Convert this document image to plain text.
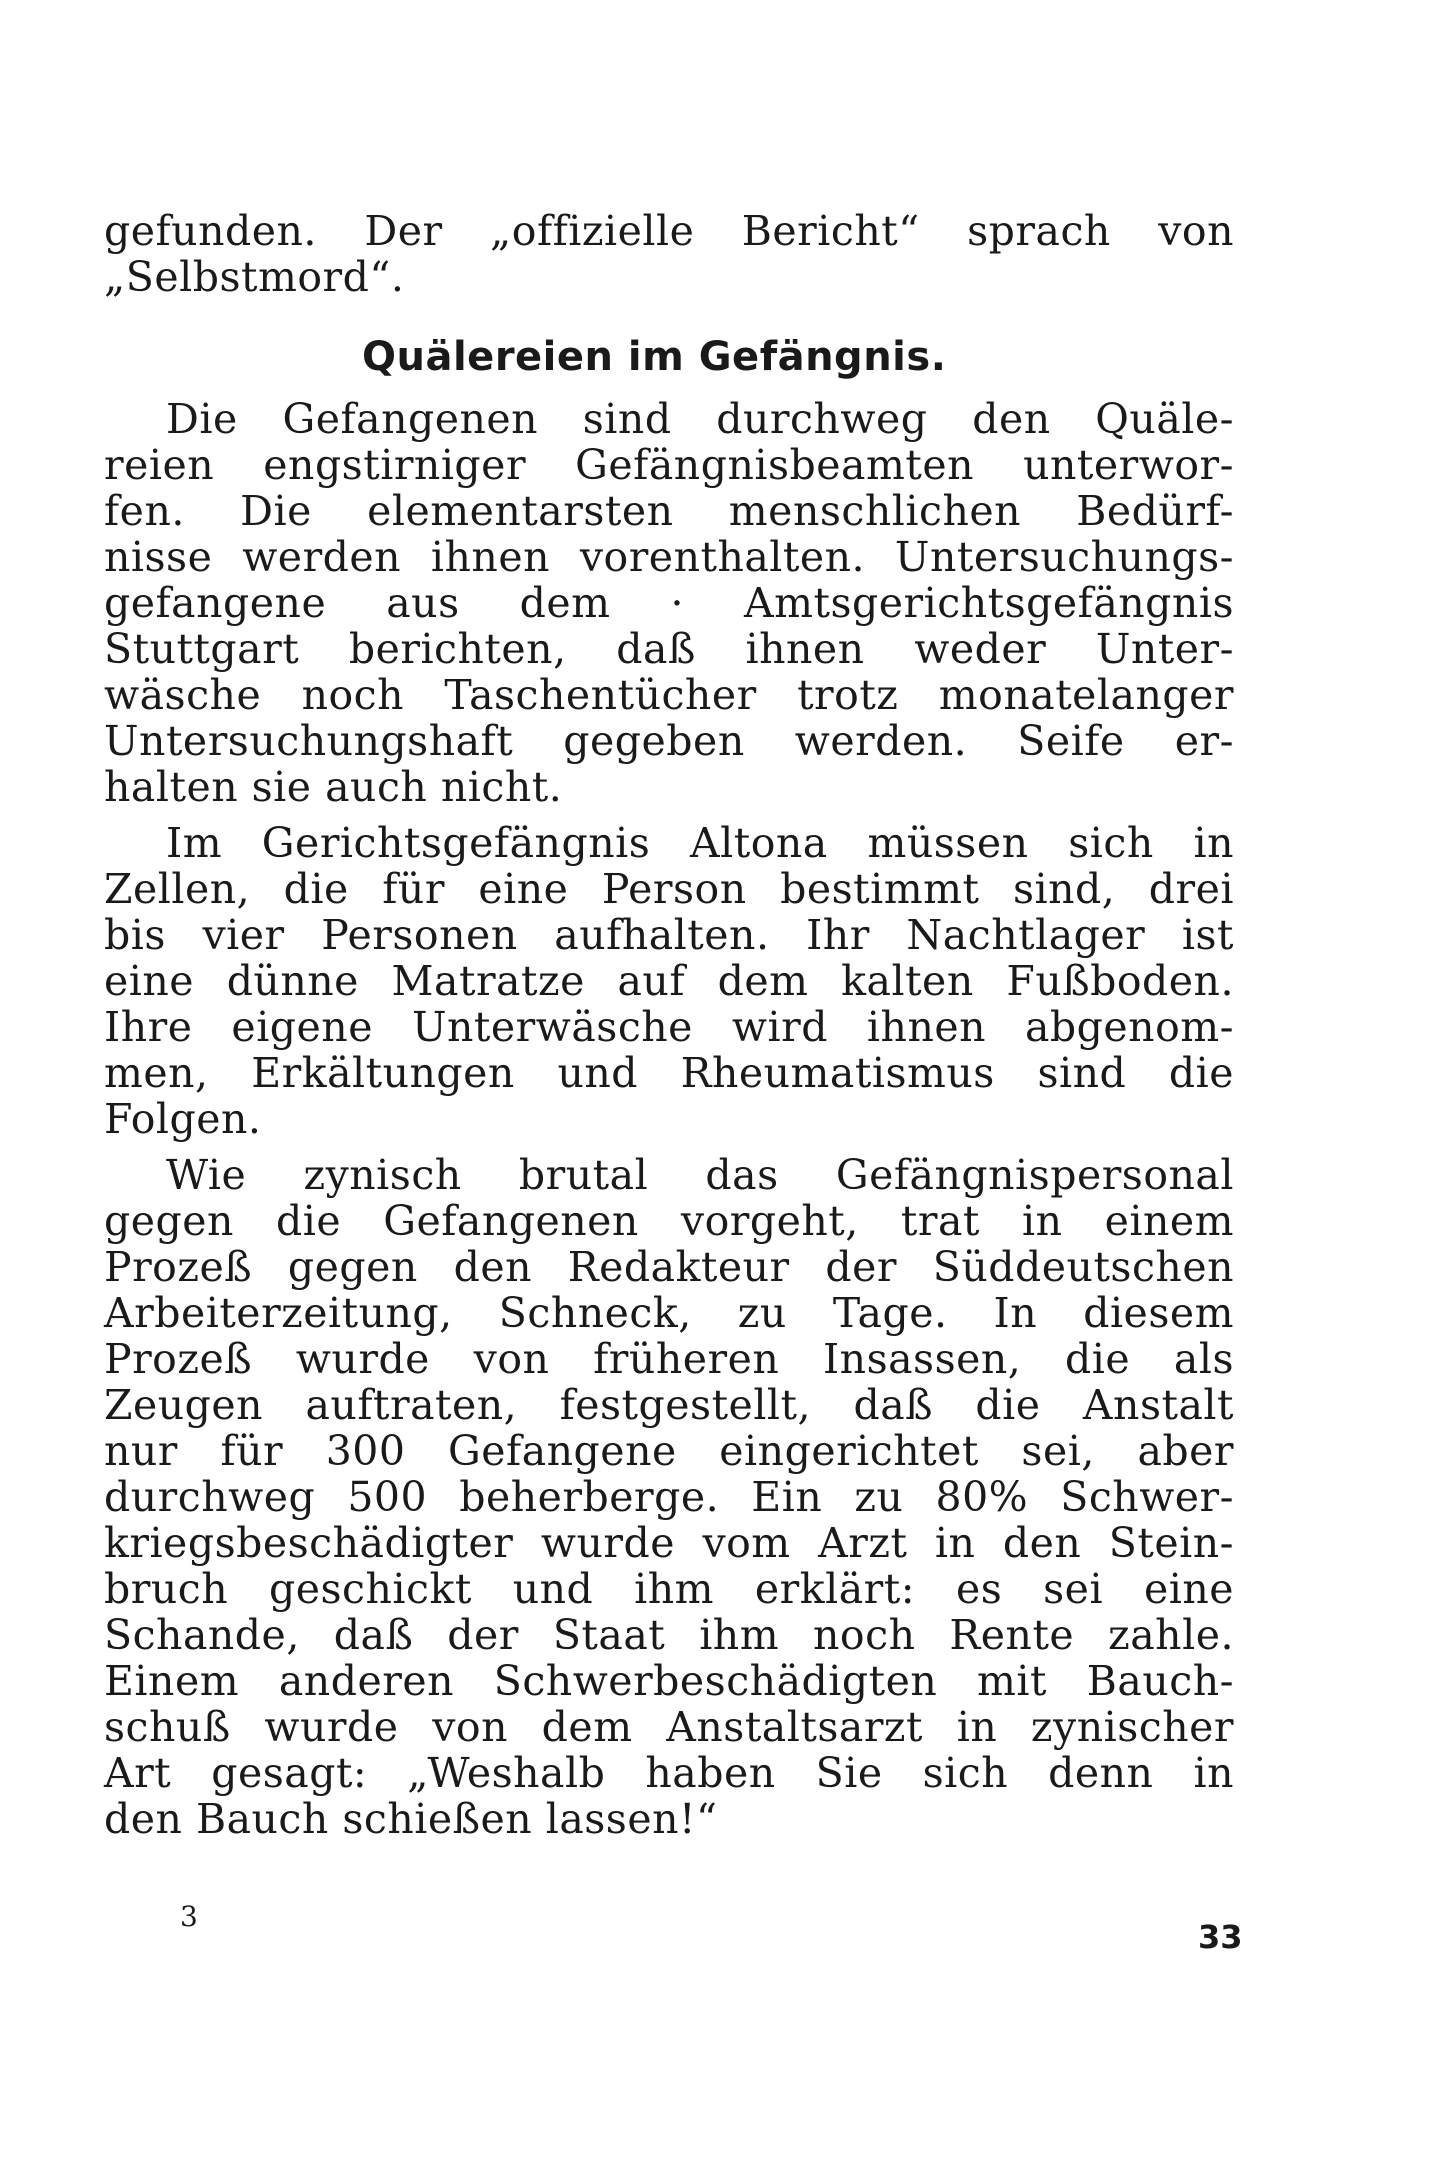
gefunden. Der „offizielle Bericht“ sprach von
„Selbstmord“.
Quälereien im Gefängnis.
Die Gefangenen sind durchweg den Quäle-
reien engstirniger Gefängnisbeamten unterwor-
fen. Die elementarsten menschlichen Bedürf-
nisse werden ihnen vorenthalten. Untersuchungs-
gefangene aus dem · Amtsgerichtsgefängnis
Stuttgart berichten, daß ihnen weder Unter-
wäsche noch Taschentücher trotz monatelanger
Untersuchungshaft gegeben werden. Seife er-
halten sie auch nicht.
Im Gerichtsgefängnis Altona müssen sich in
Zellen, die für eine Person bestimmt sind, drei
bis vier Personen aufhalten. Ihr Nachtlager ist
eine dünne Matratze auf dem kalten Fußboden.
Ihre eigene Unterwäsche wird ihnen abgenom-
men, Erkältungen und Rheumatismus sind die
Folgen.
Wie zynisch brutal das Gefängnispersonal
gegen die Gefangenen vorgeht, trat in einem
Prozeß gegen den Redakteur der Süddeutschen
Arbeiterzeitung, Schneck, zu Tage. In diesem
Prozeß wurde von früheren Insassen, die als
Zeugen auftraten, festgestellt, daß die Anstalt
nur für 300 Gefangene eingerichtet sei, aber
durchweg 500 beherberge. Ein zu 80% Schwer-
kriegsbeschädigter wurde vom Arzt in den Stein-
bruch geschickt und ihm erklärt: es sei eine
Schande, daß der Staat ihm noch Rente zahle.
Einem anderen Schwerbeschädigten mit Bauch-
schuß wurde von dem Anstaltsarzt in zynischer
Art gesagt: „Weshalb haben Sie sich denn in
den Bauch schießen lassen!“
3
33
